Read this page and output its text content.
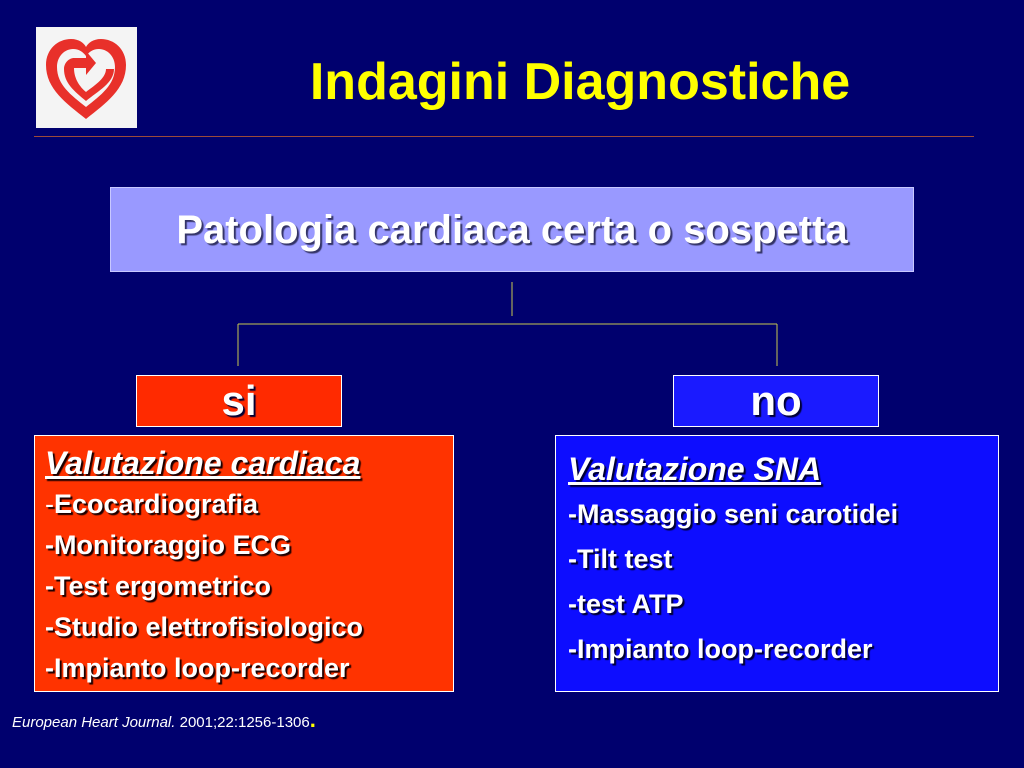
Indagini Diagnostiche
Patologia cardiaca certa o sospetta
si	no
Valutazione cardiaca
-Ecocardiografia
-Monitoraggio ECG
-Test ergometrico
-Studio elettrofisiologico
-Impianto loop-recorder
Valutazione SNA
-Massaggio seni carotidei
-Tilt test
-test ATP
-Impianto loop-recorder
European Heart Journal. 2001;22:1256-1306.
